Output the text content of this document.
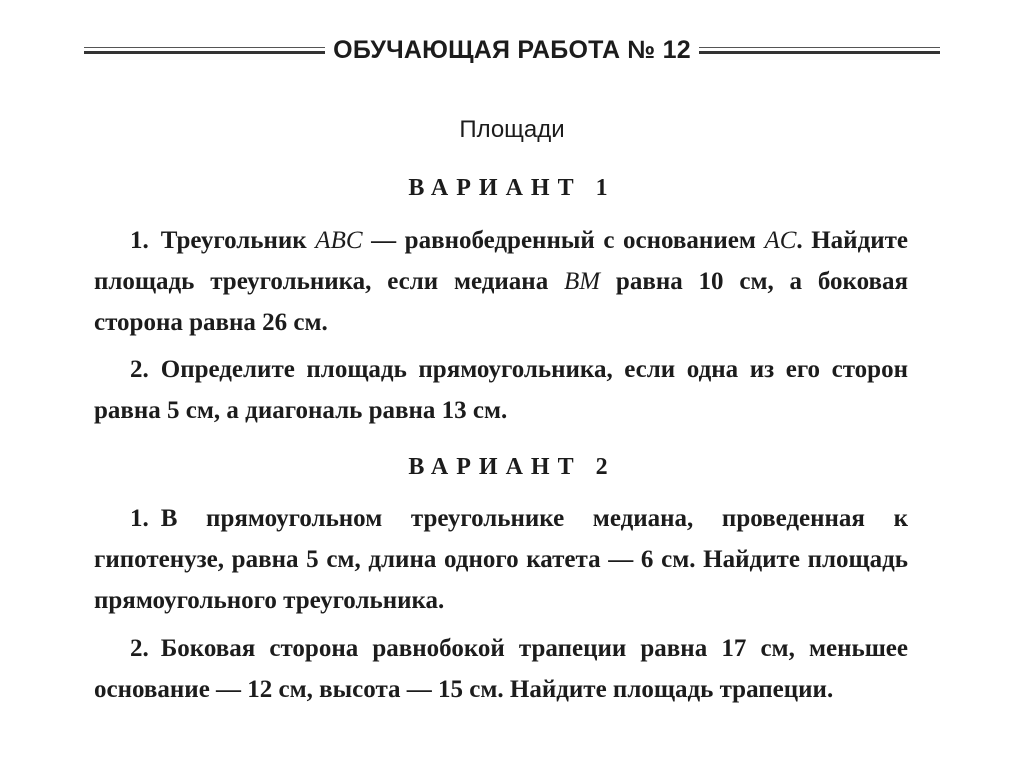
ОБУЧАЮЩАЯ РАБОТА № 12
Площади
ВАРИАНТ 1
1. Треугольник ABC — равнобедренный с основанием AC. Найдите площадь треугольника, если медиана BM равна 10 см, а боковая сторона равна 26 см.
2. Определите площадь прямоугольника, если одна из его сторон равна 5 см, а диагональ равна 13 см.
ВАРИАНТ 2
1. В прямоугольном треугольнике медиана, проведенная к гипотенузе, равна 5 см, длина одного катета — 6 см. Найдите площадь прямоугольного треугольника.
2. Боковая сторона равнобокой трапеции равна 17 см, меньшее основание — 12 см, высота — 15 см. Найдите площадь трапеции.
